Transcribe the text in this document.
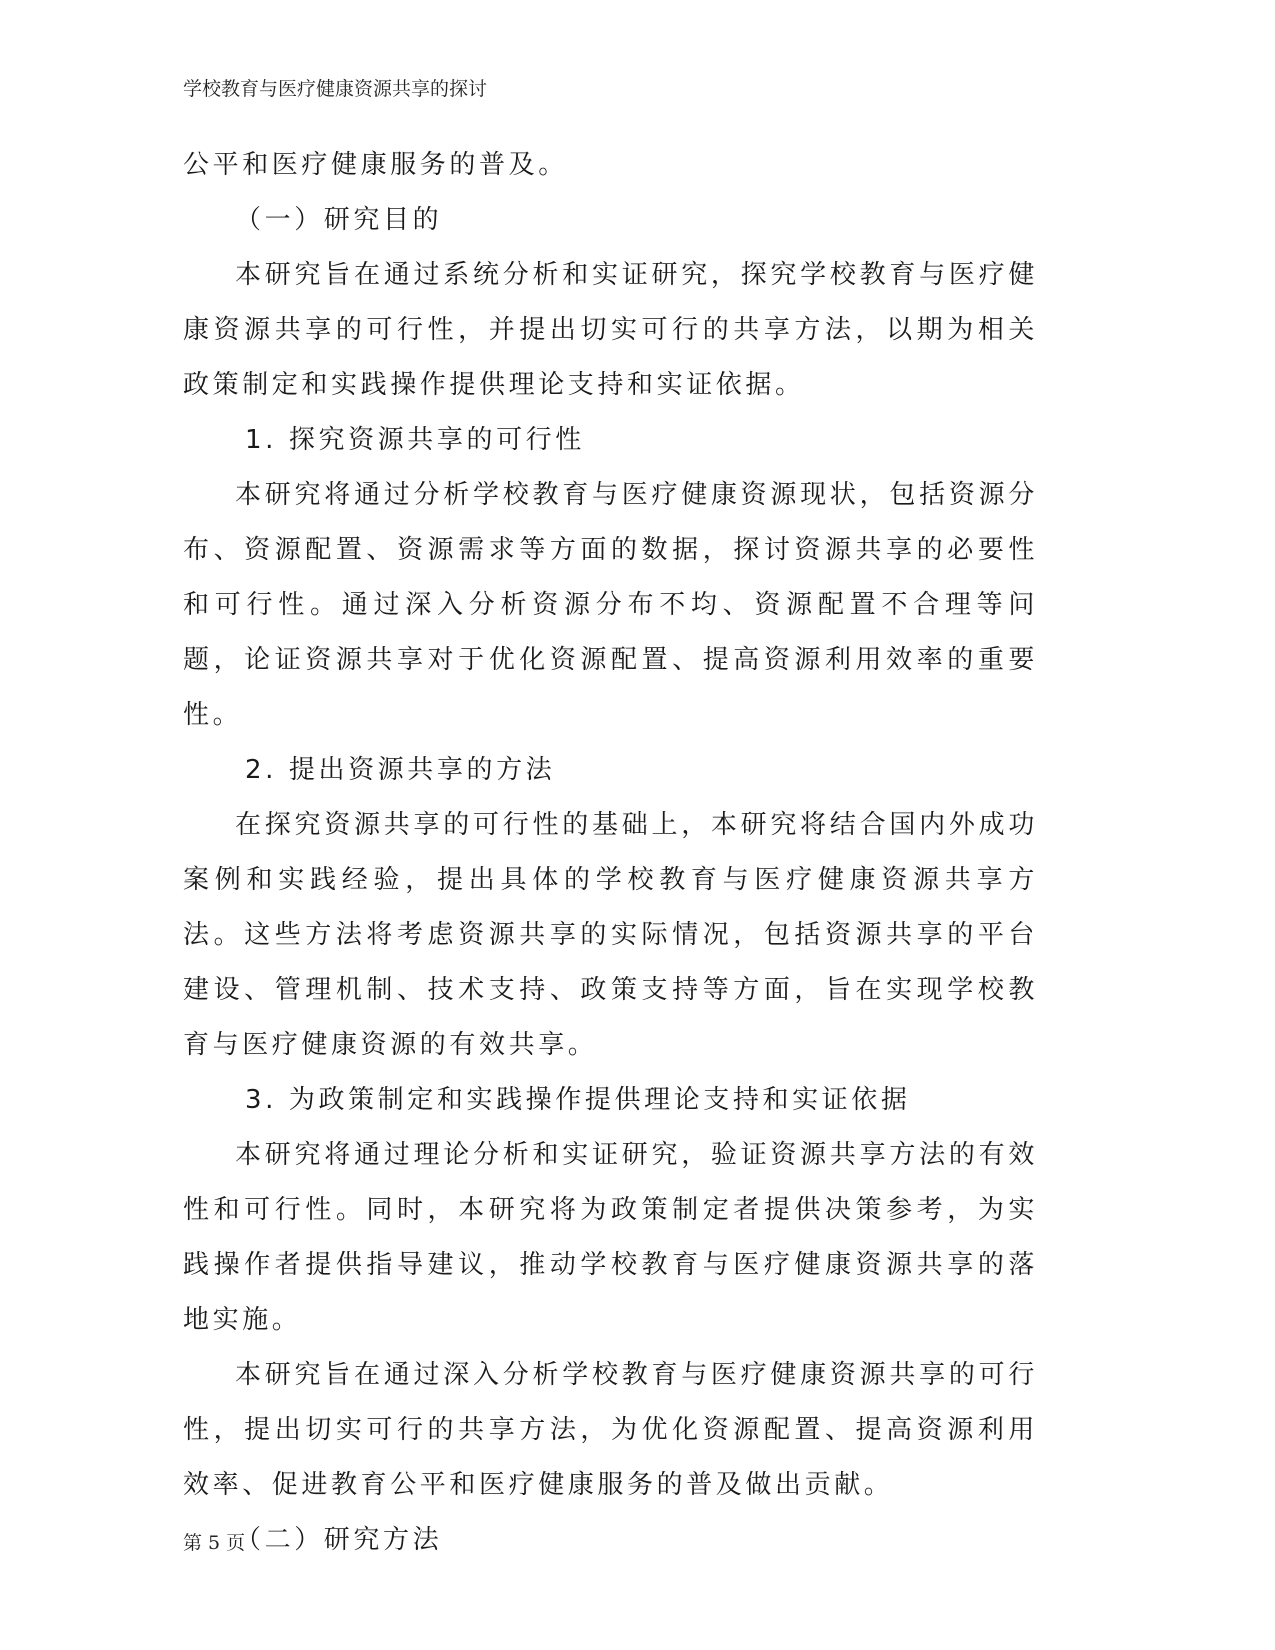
学校教育与医疗健康资源共享的探讨

公平和医疗健康服务的普及。

（一）研究目的

本研究旨在通过系统分析和实证研究，探究学校教育与医疗健康资源共享的可行性，并提出切实可行的共享方法，以期为相关政策制定和实践操作提供理论支持和实证依据。

1. 探究资源共享的可行性

本研究将通过分析学校教育与医疗健康资源现状，包括资源分布、资源配置、资源需求等方面的数据，探讨资源共享的必要性和可行性。通过深入分析资源分布不均、资源配置不合理等问题，论证资源共享对于优化资源配置、提高资源利用效率的重要性。

2. 提出资源共享的方法

在探究资源共享的可行性的基础上，本研究将结合国内外成功案例和实践经验，提出具体的学校教育与医疗健康资源共享方法。这些方法将考虑资源共享的实际情况，包括资源共享的平台建设、管理机制、技术支持、政策支持等方面，旨在实现学校教育与医疗健康资源的有效共享。

3. 为政策制定和实践操作提供理论支持和实证依据

本研究将通过理论分析和实证研究，验证资源共享方法的有效性和可行性。同时，本研究将为政策制定者提供决策参考，为实践操作者提供指导建议，推动学校教育与医疗健康资源共享的落地实施。

本研究旨在通过深入分析学校教育与医疗健康资源共享的可行性，提出切实可行的共享方法，为优化资源配置、提高资源利用效率、促进教育公平和医疗健康服务的普及做出贡献。

（二）研究方法

第 5 页
